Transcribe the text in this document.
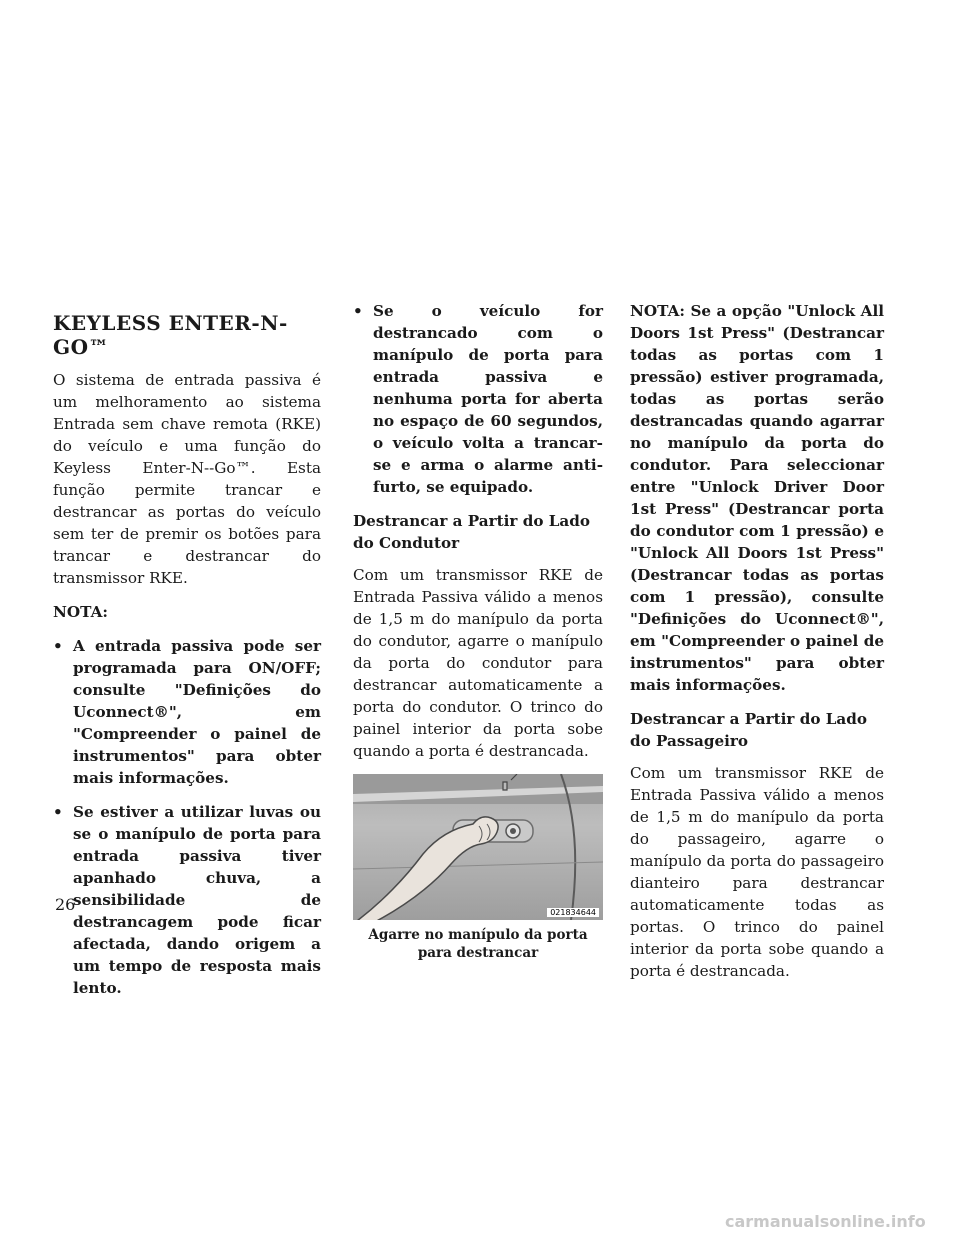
KEYLESS ENTER-N-GO™

O sistema de entrada passiva é um melhoramento ao sistema Entrada sem chave remota (RKE) do veículo e uma função do Keyless Enter-N--Go™. Esta função permite trancar e destrancar as portas do veículo sem ter de premir os botões para trancar e destrancar do transmissor RKE.

NOTA:

• A entrada passiva pode ser programada para ON/OFF; consulte "Definições do Uconnect®", em "Compreender o painel de instrumentos" para obter mais informações.
• Se estiver a utilizar luvas ou se o manípulo de porta para entrada passiva tiver apanhado chuva, a sensibilidade de destrancagem pode ficar afectada, dando origem a um tempo de resposta mais lento.
• Se o veículo for destrancado com o manípulo de porta para entrada passiva e nenhuma porta for aberta no espaço de 60 segundos, o veículo volta a trancar-se e arma o alarme anti-furto, se equipado.
Destrancar a Partir do Lado do Condutor

Com um transmissor RKE de Entrada Passiva válido a menos de 1,5 m do manípulo da porta do condutor, agarre o manípulo da porta do condutor para destrancar automaticamente a porta do condutor. O trinco do painel interior da porta sobe quando a porta é destrancada.

021834644
Agarre no manípulo da porta para destrancar

NOTA: Se a opção "Unlock All Doors 1st Press" (Destrancar todas as portas com 1 pressão) estiver programada, todas as portas serão destrancadas quando agarrar no manípulo da porta do condutor. Para seleccionar entre "Unlock Driver Door 1st Press" (Destrancar porta do condutor com 1 pressão) e "Unlock All Doors 1st Press" (Destrancar todas as portas com 1 pressão), consulte "Definições do Uconnect®", em "Compreender o painel de instrumentos" para obter mais informações.

Destrancar a Partir do Lado do Passageiro

Com um transmissor RKE de Entrada Passiva válido a menos de 1,5 m do manípulo da porta do passageiro, agarre o manípulo da porta do passageiro dianteiro para destrancar automaticamente todas as portas. O trinco do painel interior da porta sobe quando a porta é destrancada.

26
carmanualsonline.info
